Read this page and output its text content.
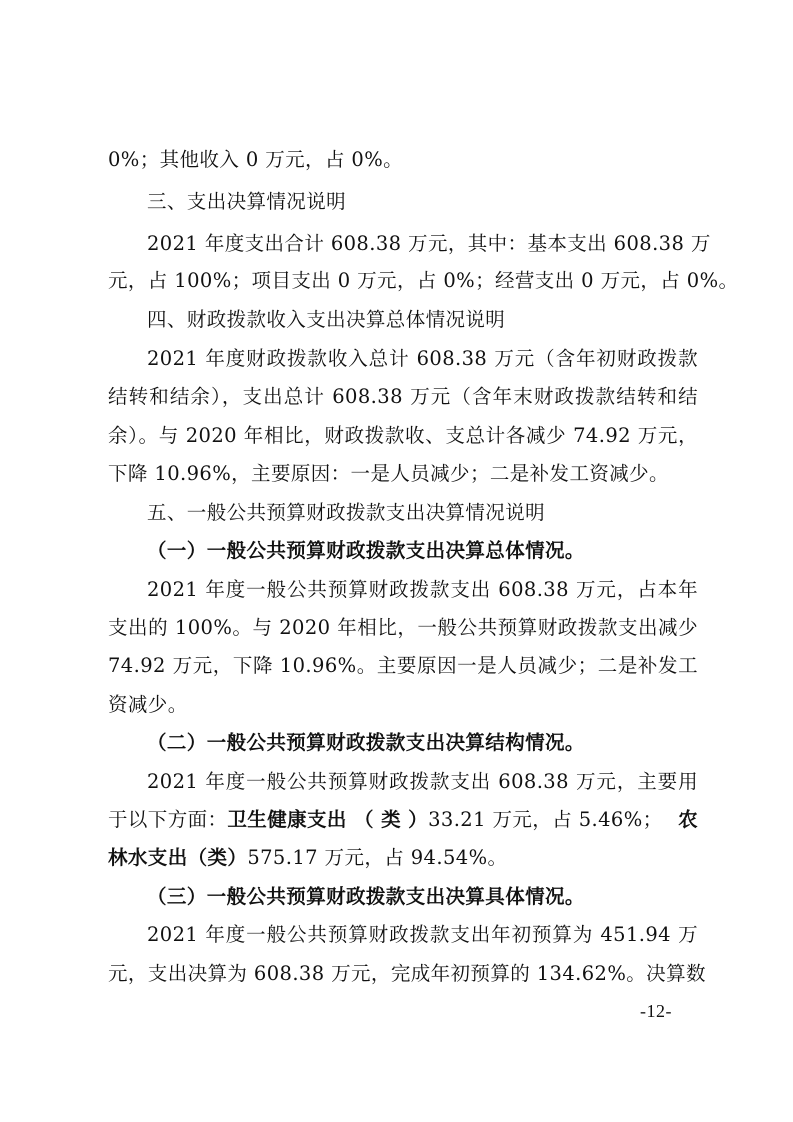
0%；其他收入 0 万元，占 0%。
三、支出决算情况说明
2021 年度支出合计 608.38 万元，其中：基本支出 608.38 万
元，占 100%；项目支出 0 万元，占 0%；经营支出 0 万元，占 0%。
四、财政拨款收入支出决算总体情况说明
2021 年度财政拨款收入总计 608.38 万元（含年初财政拨款
结转和结余），支出总计 608.38 万元（含年末财政拨款结转和结
余）。与 2020 年相比，财政拨款收、支总计各减少 74.92 万元，
下降 10.96%，主要原因：一是人员减少；二是补发工资减少。
五、一般公共预算财政拨款支出决算情况说明
（一）一般公共预算财政拨款支出决算总体情况。
2021 年度一般公共预算财政拨款支出 608.38 万元，占本年
支出的 100%。与 2020 年相比，一般公共预算财政拨款支出减少
74.92 万元，下降 10.96%。主要原因一是人员减少；二是补发工
资减少。
（二）一般公共预算财政拨款支出决算结构情况。
2021 年度一般公共预算财政拨款支出 608.38 万元，主要用
于以下方面：卫生健康支出 （ 类 ）33.21 万元，占 5.46%； 农
林水支出（类）575.17 万元，占 94.54%。
（三）一般公共预算财政拨款支出决算具体情况。
2021 年度一般公共预算财政拨款支出年初预算为 451.94 万
元，支出决算为 608.38 万元，完成年初预算的 134.62%。决算数
-12-
